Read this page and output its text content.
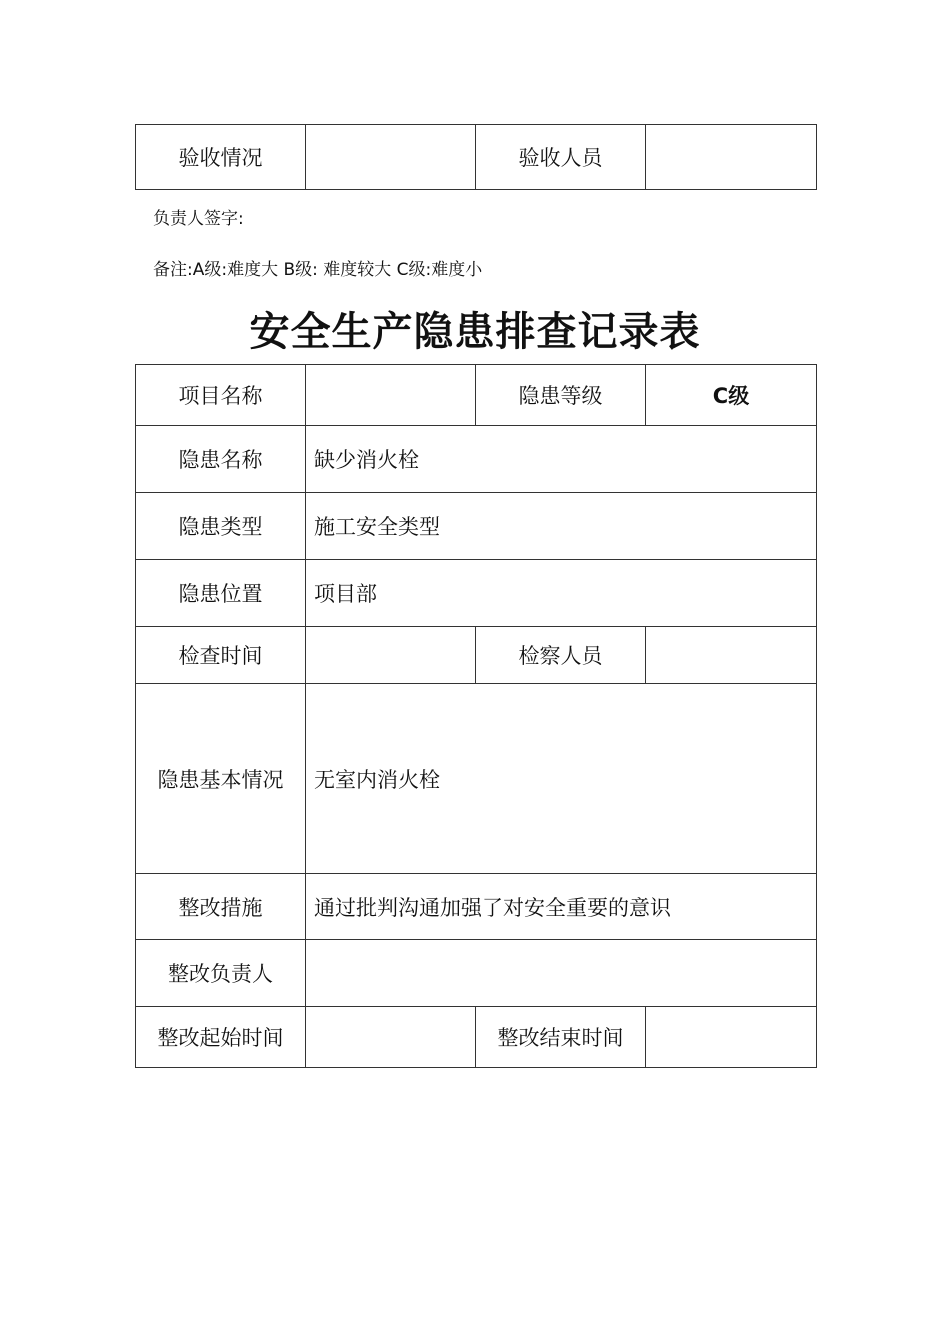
验收情况		验收人员	
负责人签字:
备注:A级:难度大 B级: 难度较大 C级:难度小
安全生产隐患排查记录表
项目名称		隐患等级	C级
隐患名称	缺少消火栓		
隐患类型	施工安全类型		
隐患位置	项目部		
检查时间		检察人员	
隐患基本情况	无室内消火栓		
整改措施	通过批判沟通加强了对安全重要的意识		
整改负责人			
整改起始时间		整改结束时间	
